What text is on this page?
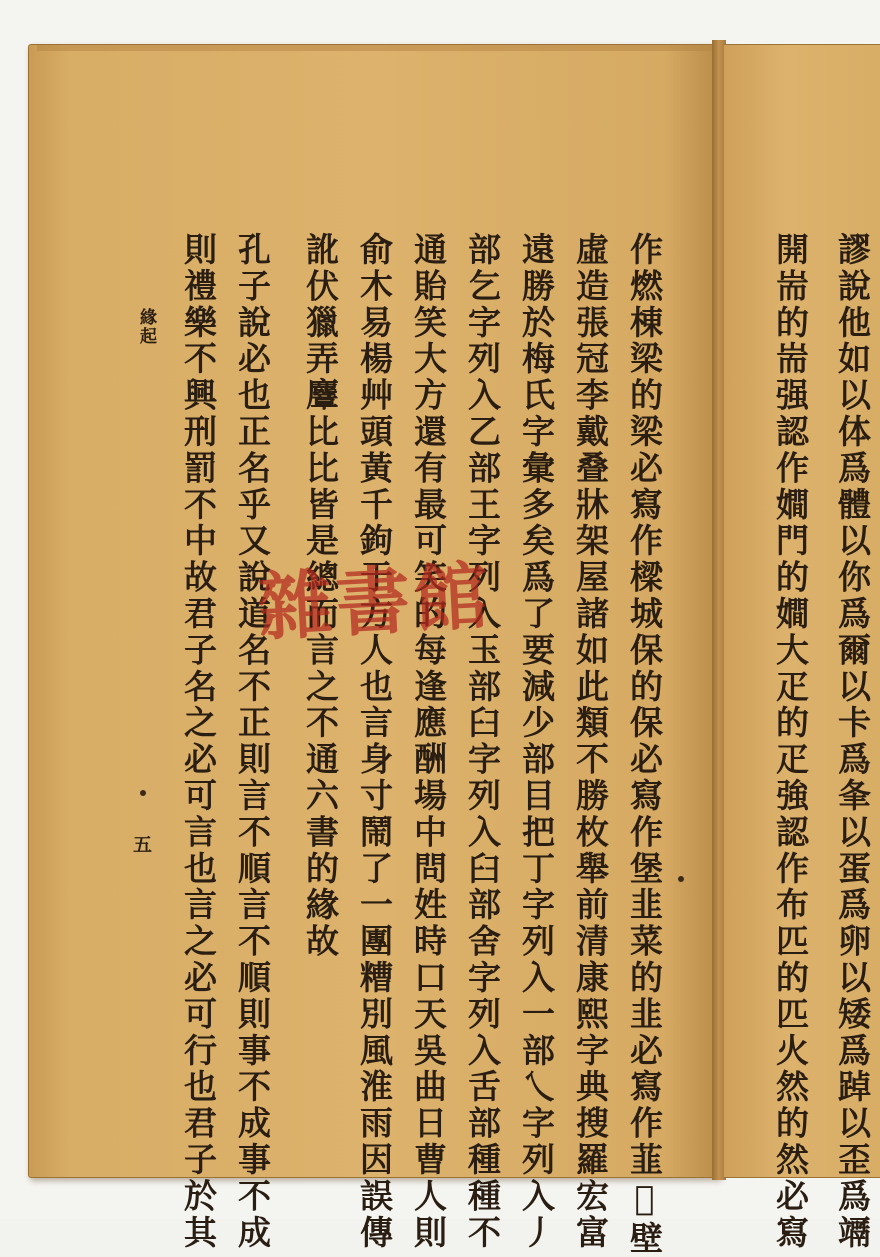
謬說他如以体爲體以你爲爾以卡爲夆以蛋爲卵以矮爲踔以歪爲竵
開耑的耑强認作𡢃門的𡢃大疋的疋強認作布匹的匹火然的然必寫
作燃棟梁的梁必寫作樑城保的保必寫作堡韭菜的韭必寫作韮𦵔壁
虛造張冠李戴叠牀架屋諸如此類不勝枚舉前清康熙字典搜羅宏富
遠勝於梅氏字彙多矣爲了要減少部目把丁字列入一部乀字列入丿
部乞字列入乙部王字列入玉部臼字列入臼部舍字列入舌部種種不
通貽笑大方還有最可笑的每逢應酬場中問姓時口天吳曲日曹人則
俞木易楊艸頭黃千鉤于方人也言身寸鬧了一團糟別風淮雨因誤傳
訛伏獵弄麞比比皆是總而言之不通六書的緣故
孔子說必也正名乎又說道名不正則言不順言不順則事不成事不成
則禮樂不興刑罰不中故君子名之必可言也言之必可行也君子於其
緣起
五
雜書館
